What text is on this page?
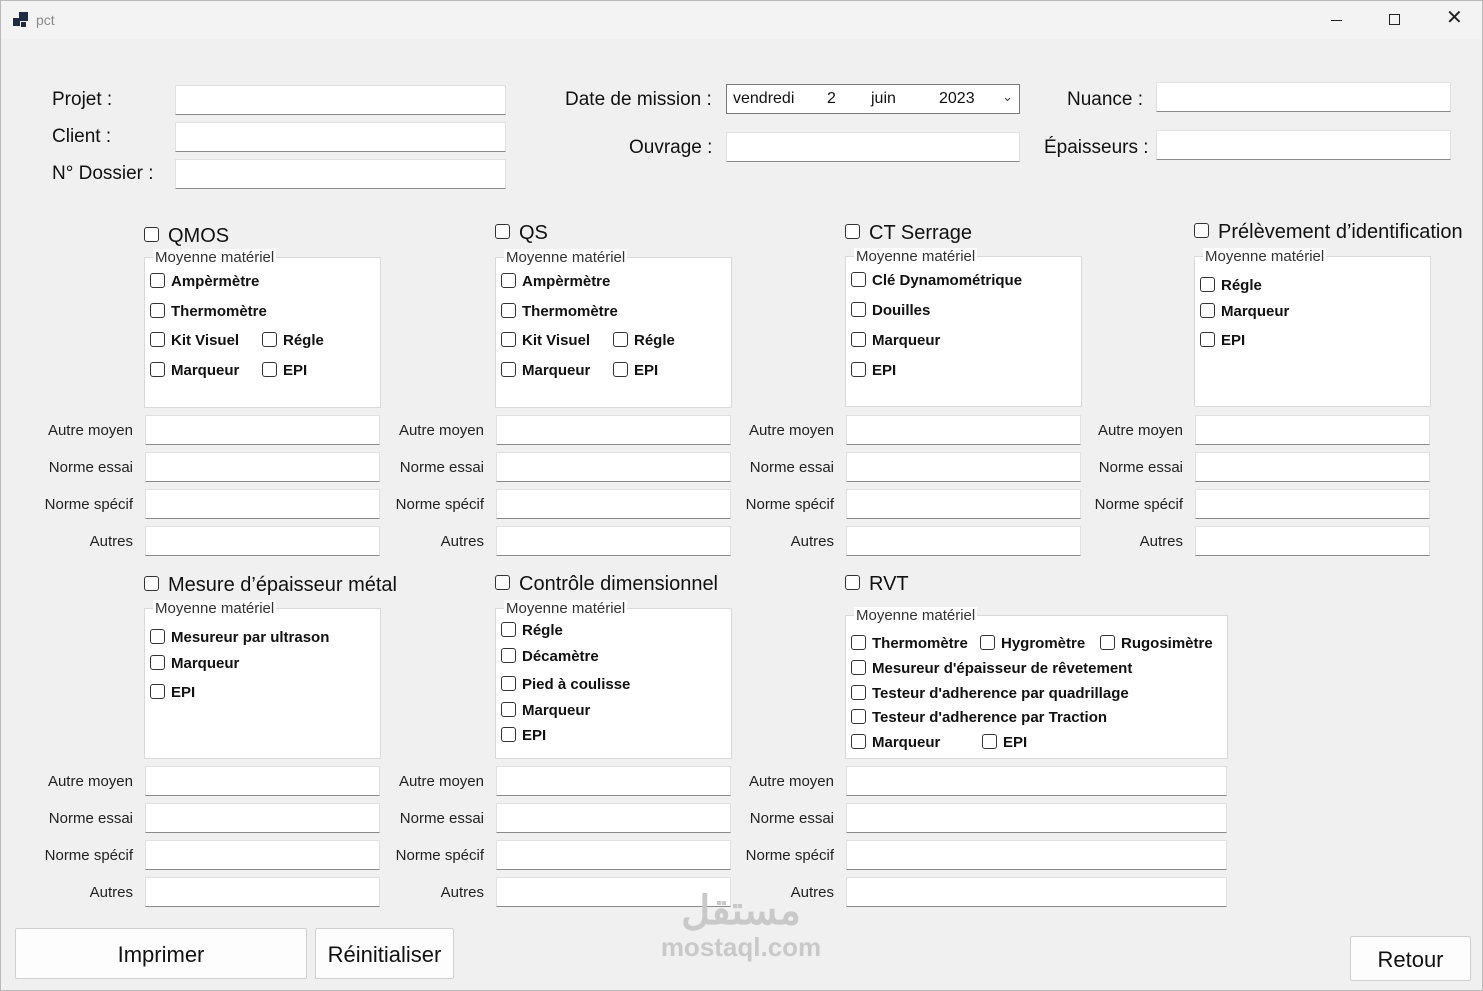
pct	✕
Projet :
Client :
N° Dossier :
Date de mission : vendredi 2 juin	2023 ⌄
Ouvrage :
Nuance :
Épaisseurs :
QMOS
Moyenne matériel
Ampèrmètre
Thermomètre
Kit Visuel	Régle
Marqueur	EPI
QS
Moyenne matériel
Ampèrmètre
Thermomètre
Kit Visuel	Régle
Marqueur	EPI
CT Serrage
Moyenne matériel
Clé Dynamométrique
Douilles
Marqueur
EPI
Prélèvement d’identification
Moyenne matériel
Régle
Marqueur
EPI
Autre moyen
Norme essai
Norme spécif
Autres
Autre moyen
Norme essai
Norme spécif
Autres
Autre moyen
Norme essai
Norme spécif
Autres
Autre moyen
Norme essai
Norme spécif
Autres
Mesure d’épaisseur métal
Moyenne matériel
Mesureur par ultrason
Marqueur
EPI
Contrôle dimensionnel
Moyenne matériel
Régle
Décamètre
Pied à coulisse
Marqueur
EPI
RVT
Moyenne matériel
Thermomètre	Hygromètre	Rugosimètre
Mesureur d'épaisseur de rêvetement
Testeur d'adherence par quadrillage
Testeur d'adherence par Traction
Marqueur	EPI
Autre moyen
Norme essai
Norme spécif
Autres
Autre moyen
Norme essai
Norme spécif
Autres
Autre moyen
Norme essai
Norme spécif
Autres
Imprimer	Réinitialiser	Retour
مستقل
mostaql.com
